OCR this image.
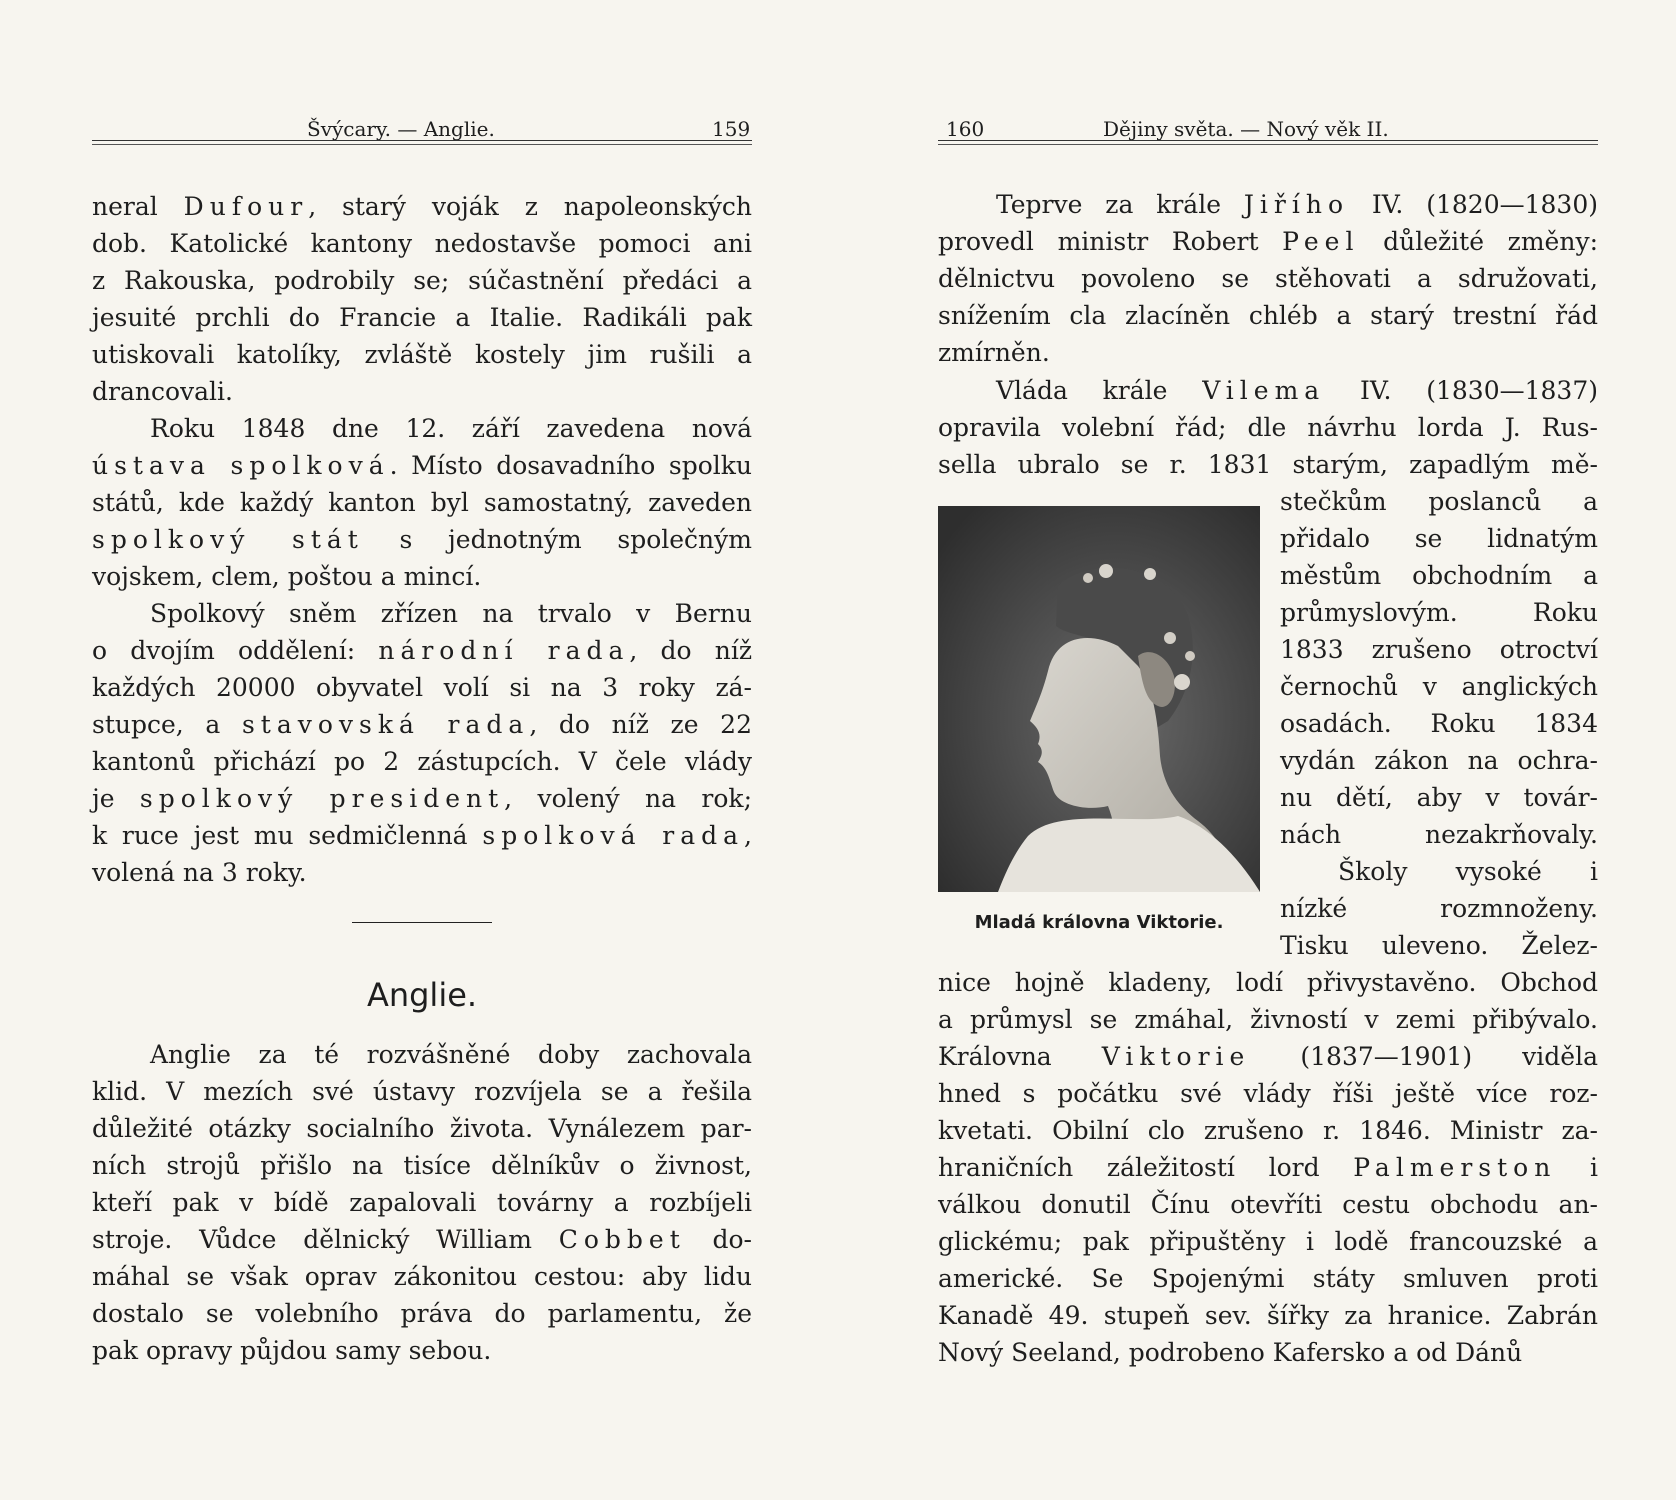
Švýcary. — Anglie.	159
neral Dufour, starý voják z napoleonských
dob. Katolické kantony nedostavše pomoci ani
z Rakouska, podrobily se; súčastnění předáci a
jesuité prchli do Francie a Italie. Radikáli pak
utiskovali katolíky, zvláště kostely jim rušili a
drancovali.
Roku 1848 dne 12. září zavedena nová
ústava spolková. Místo dosavadního spolku
států, kde každý kanton byl samostatný, zaveden
spolkový stát s jednotným společným
vojskem, clem, poštou a mincí.
Spolkový sněm zřízen na trvalo v Bernu
o dvojím oddělení: národní rada, do níž
každých 20000 obyvatel volí si na 3 roky zá-
stupce, a stavovská rada, do níž ze 22
kantonů přichází po 2 zástupcích. V čele vlády
je spolkový president, volený na rok;
k ruce jest mu sedmičlenná spolková rada,
volená na 3 roky.
Anglie.
Anglie za té rozvášněné doby zachovala
klid. V mezích své ústavy rozvíjela se a řešila
důležité otázky socialního života. Vynálezem par-
ních strojů přišlo na tisíce dělníkův o živnost,
kteří pak v bídě zapalovali továrny a rozbíjeli
stroje. Vůdce dělnický William Cobbet do-
máhal se však oprav zákonitou cestou: aby lidu
dostalo se volebního práva do parlamentu, že
pak opravy půjdou samy sebou.
160	Dějiny světa. — Nový věk II.
Teprve za krále Jiřího IV. (1820—1830)
provedl ministr Robert Peel důležité změny:
dělnictvu povoleno se stěhovati a sdružovati,
snížením cla zlacíněn chléb a starý trestní řád
zmírněn.
Vláda krále Vilema IV. (1830—1837)
opravila volební řád; dle návrhu lorda J. Rus-
sella ubralo se r. 1831 starým, zapadlým mě-
Mladá královna Viktorie.
stečkům poslanců a
přidalo se lidnatým
městům obchodním a
průmyslovým. Roku
1833 zrušeno otroctví
černochů v anglických
osadách. Roku 1834
vydán zákon na ochra-
nu dětí, aby v továr-
nách nezakrňovaly.
Školy vysoké i
nízké rozmnoženy.
Tisku uleveno. Želez-
nice hojně kladeny, lodí přivystavěno. Obchod
a průmysl se zmáhal, živností v zemi přibývalo.
Královna Viktorie (1837—1901) viděla
hned s počátku své vlády říši ještě více roz-
kvetati. Obilní clo zrušeno r. 1846. Ministr za-
hraničních záležitostí lord Palmerston i
válkou donutil Čínu otevříti cestu obchodu an-
glickému; pak připuštěny i lodě francouzské a
americké. Se Spojenými státy smluven proti
Kanadě 49. stupeň sev. šířky za hranice. Zabrán
Nový Seeland, podrobeno Kafersko a od Dánů
